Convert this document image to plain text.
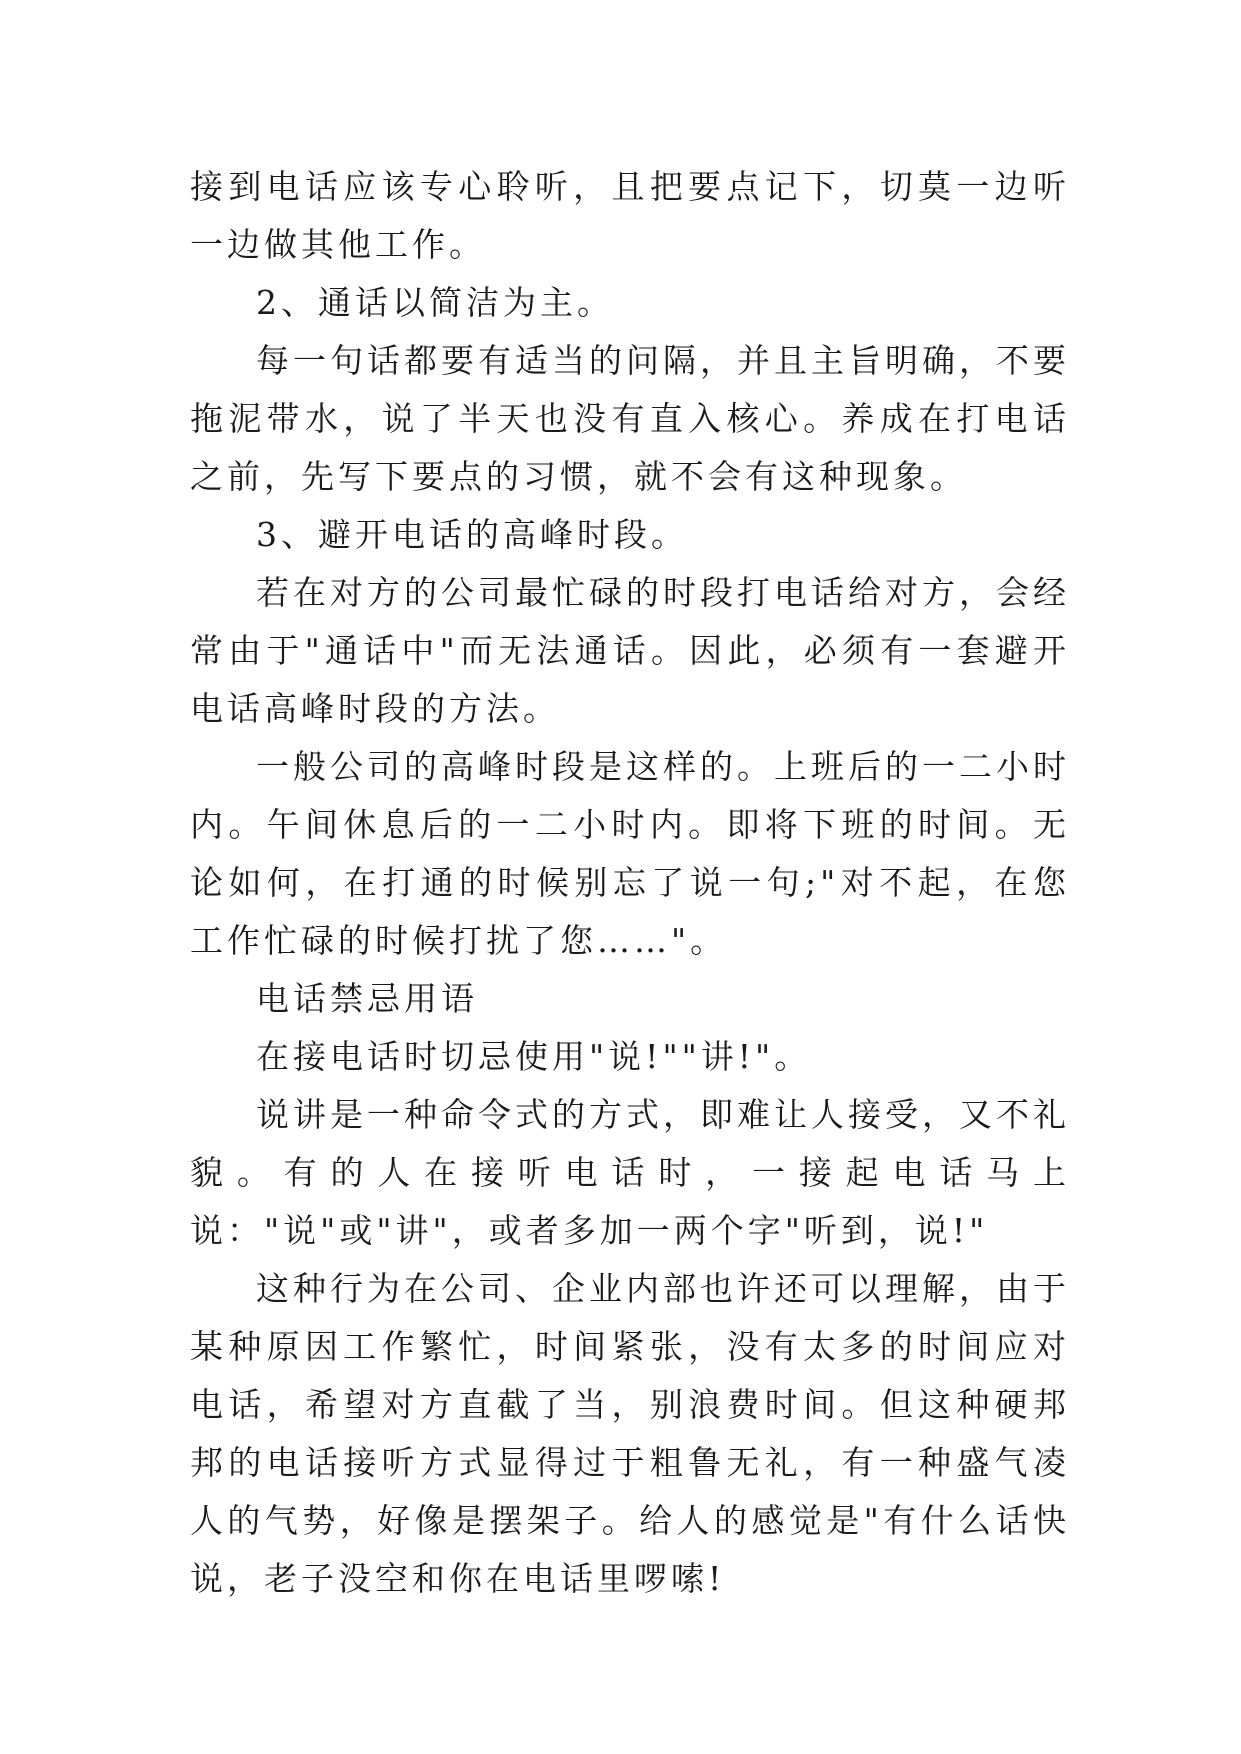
接到电话应该专心聆听，且把要点记下，切莫一边听一边做其他工作。

2、通话以简洁为主。

每一句话都要有适当的问隔，并且主旨明确，不要拖泥带水，说了半天也没有直入核心。养成在打电话之前，先写下要点的习惯，就不会有这种现象。

3、避开电话的高峰时段。

若在对方的公司最忙碌的时段打电话给对方，会经常由于"通话中"而无法通话。因此，必须有一套避开电话高峰时段的方法。

一般公司的高峰时段是这样的。上班后的一二小时内。午间休息后的一二小时内。即将下班的时间。无论如何，在打通的时候别忘了说一句;"对不起，在您工作忙碌的时候打扰了您……"。

电话禁忌用语

在接电话时切忌使用"说!""讲!"。

说讲是一种命令式的方式，即难让人接受，又不礼貌。有的人在接听电话时，一接起电话马上说："说"或"讲"，或者多加一两个字"听到，说!"

这种行为在公司、企业内部也许还可以理解，由于某种原因工作繁忙，时间紧张，没有太多的时间应对电话，希望对方直截了当，别浪费时间。但这种硬邦邦的电话接听方式显得过于粗鲁无礼，有一种盛气凌人的气势，好像是摆架子。给人的感觉是"有什么话快说，老子没空和你在电话里啰嗦!
